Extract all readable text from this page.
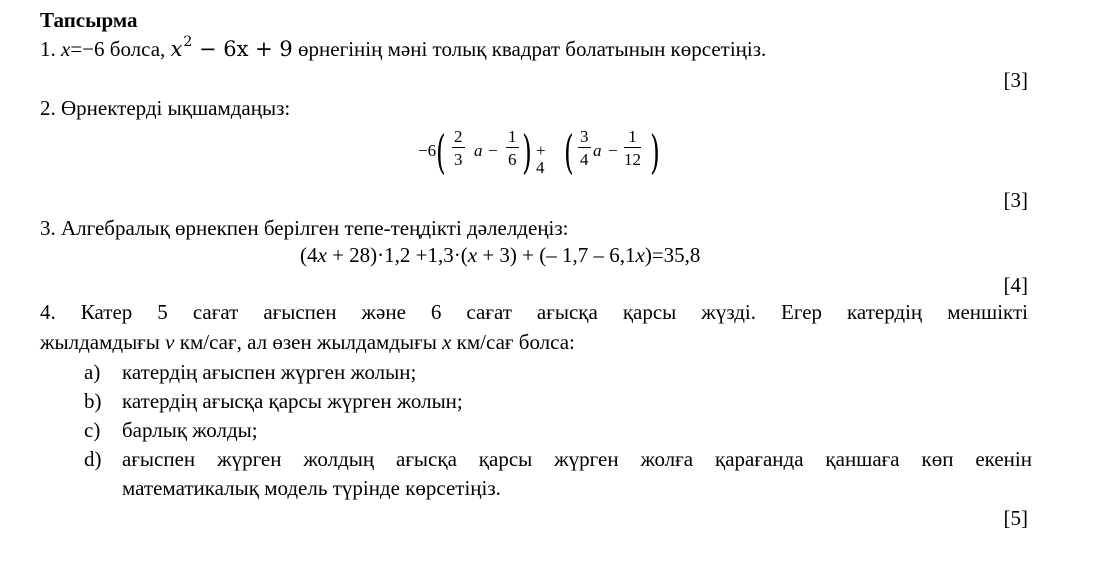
Тапсырма
1. x=−6 болса, $x^2 - 6x + 9$ өрнегінің мәні толық квадрат болатынын көрсетіңіз.
[3]
2. Өрнектерді ықшамдаңыз:
−6 ( $\frac{2}{3}$ $a - \frac{1}{6}$ ) + 4 ( $\frac{3}{4}$ $a - \frac{1}{12}$ )
[3]
3. Алгебралық өрнекпен берілген тепе-теңдікті дәлелдеңіз:
(4x + 28)·1,2 +1,3·(x + 3) + (– 1,7 – 6,1x)=35,8
[4]
4. Катер 5 сағат ағыспен және 6 сағат ағысқа қарсы жүзді. Егер катердің меншікті
жылдамдығы v км/сағ, ал өзен жылдамдығы x км/сағ болса:
a) катердің ағыспен жүрген жолын;
b) катердің ағысқа қарсы жүрген жолын;
c) барлық жолды;
d) ағыспен жүрген жолдың ағысқа қарсы жүрген жолға қарағанда қаншаға көп екенін
математикалық модель түрінде көрсетіңіз.
[5]
